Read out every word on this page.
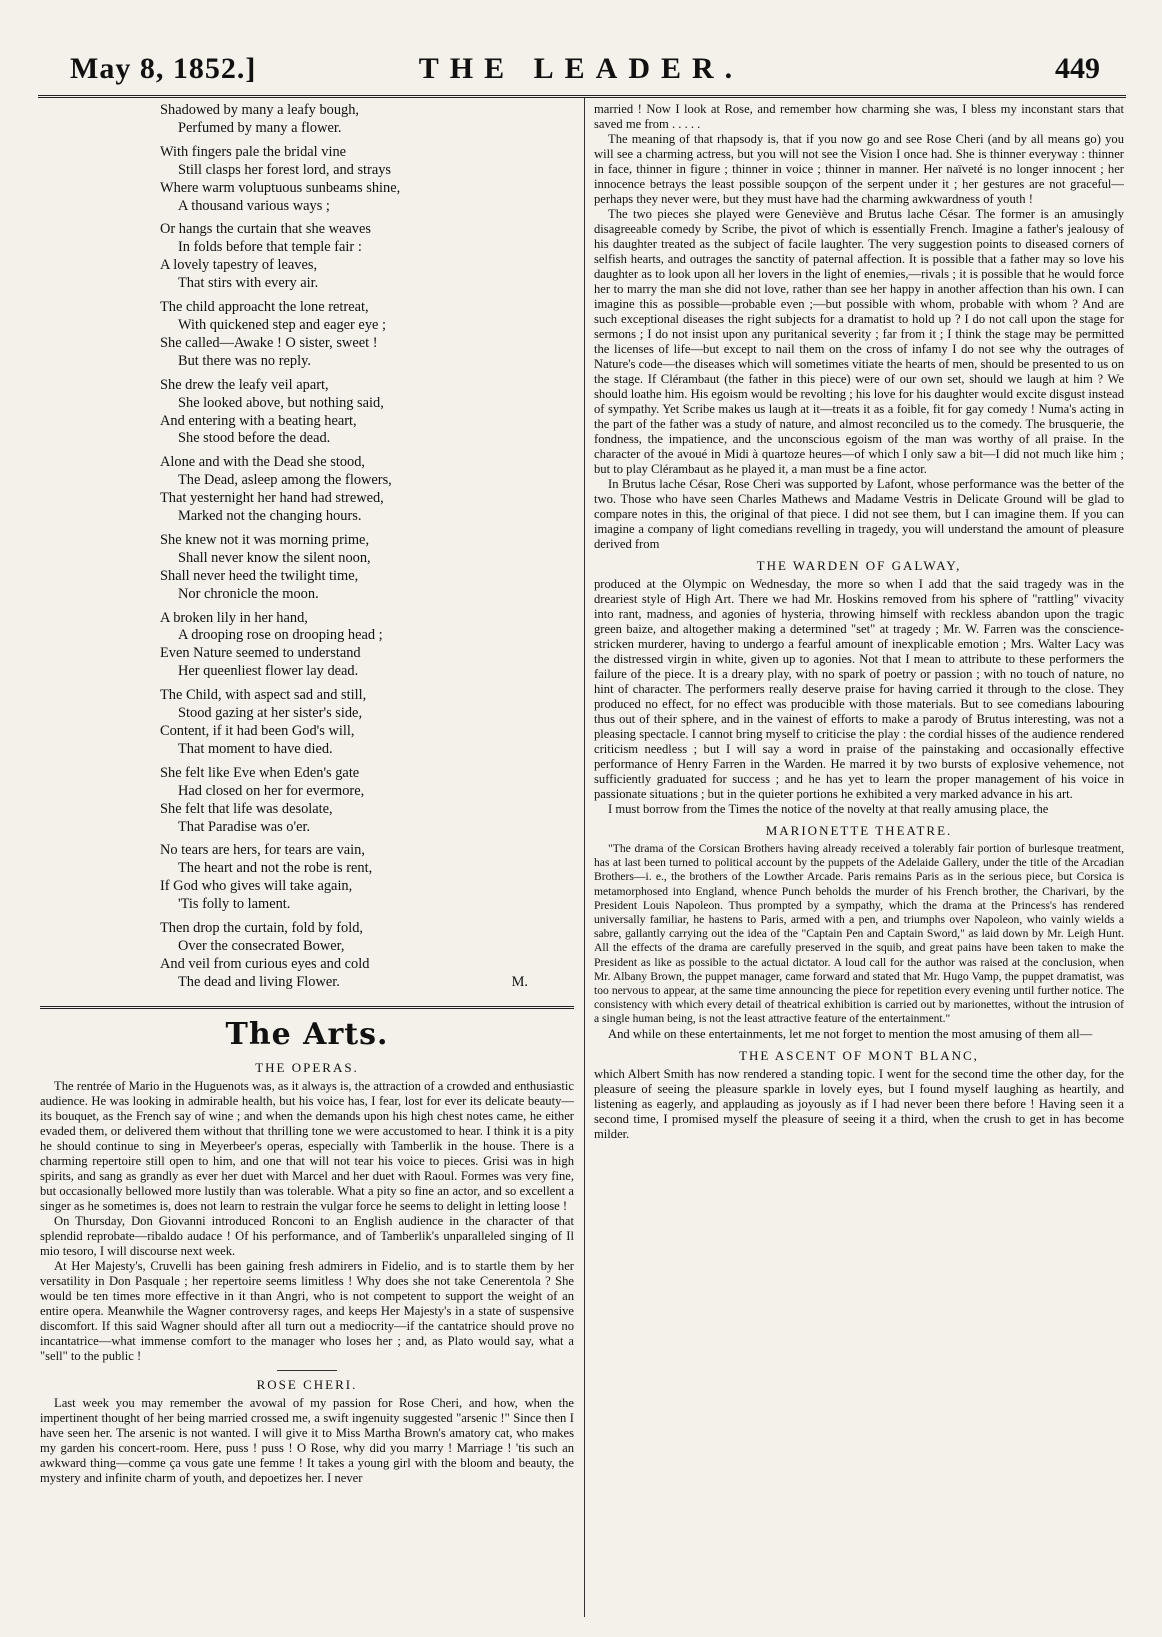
May 8, 1852.]	THE LEADER.	449
Shadowed by many a leafy bough,
Perfumed by many a flower.
With fingers pale the bridal vine
Still clasps her forest lord, and strays
Where warm voluptuous sunbeams shine,
A thousand various ways ;
Or hangs the curtain that she weaves
In folds before that temple fair :
A lovely tapestry of leaves,
That stirs with every air.
The child approacht the lone retreat,
With quickened step and eager eye ;
She called—Awake ! O sister, sweet !
But there was no reply.
She drew the leafy veil apart,
She looked above, but nothing said,
And entering with a beating heart,
She stood before the dead.
Alone and with the Dead she stood,
The Dead, asleep among the flowers,
That yesternight her hand had strewed,
Marked not the changing hours.
She knew not it was morning prime,
Shall never know the silent noon,
Shall never heed the twilight time,
Nor chronicle the moon.
A broken lily in her hand,
A drooping rose on drooping head ;
Even Nature seemed to understand
Her queenliest flower lay dead.
The Child, with aspect sad and still,
Stood gazing at her sister's side,
Content, if it had been God's will,
That moment to have died.
She felt like Eve when Eden's gate
Had closed on her for evermore,
She felt that life was desolate,
That Paradise was o'er.
No tears are hers, for tears are vain,
The heart and not the robe is rent,
If God who gives will take again,
'Tis folly to lament.
Then drop the curtain, fold by fold,
Over the consecrated Bower,
And veil from curious eyes and cold
The dead and living Flower.	M.
The Arts.
THE OPERAS.

The rentrée of Mario in the Huguenots was, as it always is, the attraction of a crowded and enthusiastic audience. He was looking in admirable health, but his voice has, I fear, lost for ever its delicate beauty—its bouquet, as the French say of wine ; and when the demands upon his high chest notes came, he either evaded them, or delivered them without that thrilling tone we were accustomed to hear. I think it is a pity he should continue to sing in Meyerbeer's operas, especially with Tamberlik in the house. There is a charming repertoire still open to him, and one that will not tear his voice to pieces. Grisi was in high spirits, and sang as grandly as ever her duet with Marcel and her duet with Raoul. Formes was very fine, but occasionally bellowed more lustily than was tolerable. What a pity so fine an actor, and so excellent a singer as he sometimes is, does not learn to restrain the vulgar force he seems to delight in letting loose !

On Thursday, Don Giovanni introduced Ronconi to an English audience in the character of that splendid reprobate—ribaldo audace ! Of his performance, and of Tamberlik's unparalleled singing of Il mio tesoro, I will discourse next week.

At Her Majesty's, Cruvelli has been gaining fresh admirers in Fidelio, and is to startle them by her versatility in Don Pasquale ; her repertoire seems limitless ! Why does she not take Cenerentola ? She would be ten times more effective in it than Angri, who is not competent to support the weight of an entire opera. Meanwhile the Wagner controversy rages, and keeps Her Majesty's in a state of suspensive discomfort. If this said Wagner should after all turn out a mediocrity—if the cantatrice should prove no incantatrice—what immense comfort to the manager who loses her ; and, as Plato would say, what a "sell" to the public !

ROSE CHERI.

Last week you may remember the avowal of my passion for Rose Cheri, and how, when the impertinent thought of her being married crossed me, a swift ingenuity suggested "arsenic !" Since then I have seen her. The arsenic is not wanted. I will give it to Miss Martha Brown's amatory cat, who makes my garden his concert-room. Here, puss ! puss ! O Rose, why did you marry ! Marriage ! 'tis such an awkward thing—comme ça vous gate une femme ! It takes a young girl with the bloom and beauty, the mystery and infinite charm of youth, and depoetizes her. I never

married ! Now I look at Rose, and remember how charming she was, I bless my inconstant stars that saved me from . . . . .

The meaning of that rhapsody is, that if you now go and see Rose Cheri (and by all means go) you will see a charming actress, but you will not see the Vision I once had. She is thinner everyway : thinner in face, thinner in figure ; thinner in voice ; thinner in manner. Her naïveté is no longer innocent ; her innocence betrays the least possible soupçon of the serpent under it ; her gestures are not graceful—perhaps they never were, but they must have had the charming awkwardness of youth !

The two pieces she played were Geneviève and Brutus lache César. The former is an amusingly disagreeable comedy by Scribe, the pivot of which is essentially French. Imagine a father's jealousy of his daughter treated as the subject of facile laughter. The very suggestion points to diseased corners of selfish hearts, and outrages the sanctity of paternal affection. It is possible that a father may so love his daughter as to look upon all her lovers in the light of enemies,—rivals ; it is possible that he would force her to marry the man she did not love, rather than see her happy in another affection than his own. I can imagine this as possible—probable even ;—but possible with whom, probable with whom ? And are such exceptional diseases the right subjects for a dramatist to hold up ? I do not call upon the stage for sermons ; I do not insist upon any puritanical severity ; far from it ; I think the stage may be permitted the licenses of life—but except to nail them on the cross of infamy I do not see why the outrages of Nature's code—the diseases which will sometimes vitiate the hearts of men, should be presented to us on the stage. If Clérambaut (the father in this piece) were of our own set, should we laugh at him ? We should loathe him. His egoism would be revolting ; his love for his daughter would excite disgust instead of sympathy. Yet Scribe makes us laugh at it—treats it as a foible, fit for gay comedy ! Numa's acting in the part of the father was a study of nature, and almost reconciled us to the comedy. The brusquerie, the fondness, the impatience, and the unconscious egoism of the man was worthy of all praise. In the character of the avoué in Midi à quartoze heures—of which I only saw a bit—I did not much like him ; but to play Clérambaut as he played it, a man must be a fine actor.

In Brutus lache César, Rose Cheri was supported by Lafont, whose performance was the better of the two. Those who have seen Charles Mathews and Madame Vestris in Delicate Ground will be glad to compare notes in this, the original of that piece. I did not see them, but I can imagine them. If you can imagine a company of light comedians revelling in tragedy, you will understand the amount of pleasure derived from

THE WARDEN OF GALWAY,

produced at the Olympic on Wednesday, the more so when I add that the said tragedy was in the dreariest style of High Art. There we had Mr. Hoskins removed from his sphere of "rattling" vivacity into rant, madness, and agonies of hysteria, throwing himself with reckless abandon upon the tragic green baize, and altogether making a determined "set" at tragedy ; Mr. W. Farren was the conscience-stricken murderer, having to undergo a fearful amount of inexplicable emotion ; Mrs. Walter Lacy was the distressed virgin in white, given up to agonies. Not that I mean to attribute to these performers the failure of the piece. It is a dreary play, with no spark of poetry or passion ; with no touch of nature, no hint of character. The performers really deserve praise for having carried it through to the close. They produced no effect, for no effect was producible with those materials. But to see comedians labouring thus out of their sphere, and in the vainest of efforts to make a parody of Brutus interesting, was not a pleasing spectacle. I cannot bring myself to criticise the play : the cordial hisses of the audience rendered criticism needless ; but I will say a word in praise of the painstaking and occasionally effective performance of Henry Farren in the Warden. He marred it by two bursts of explosive vehemence, not sufficiently graduated for success ; and he has yet to learn the proper management of his voice in passionate situations ; but in the quieter portions he exhibited a very marked advance in his art.

I must borrow from the Times the notice of the novelty at that really amusing place, the

MARIONETTE THEATRE.

"The drama of the Corsican Brothers having already received a tolerably fair portion of burlesque treatment, has at last been turned to political account by the puppets of the Adelaide Gallery, under the title of the Arcadian Brothers—i. e., the brothers of the Lowther Arcade. Paris remains Paris as in the serious piece, but Corsica is metamorphosed into England, whence Punch beholds the murder of his French brother, the Charivari, by the President Louis Napoleon. Thus prompted by a sympathy, which the drama at the Princess's has rendered universally familiar, he hastens to Paris, armed with a pen, and triumphs over Napoleon, who vainly wields a sabre, gallantly carrying out the idea of the "Captain Pen and Captain Sword," as laid down by Mr. Leigh Hunt. All the effects of the drama are carefully preserved in the squib, and great pains have been taken to make the President as like as possible to the actual dictator. A loud call for the author was raised at the conclusion, when Mr. Albany Brown, the puppet manager, came forward and stated that Mr. Hugo Vamp, the puppet dramatist, was too nervous to appear, at the same time announcing the piece for repetition every evening until further notice. The consistency with which every detail of theatrical exhibition is carried out by marionettes, without the intrusion of a single human being, is not the least attractive feature of the entertainment."

And while on these entertainments, let me not forget to mention the most amusing of them all—

THE ASCENT OF MONT BLANC,

which Albert Smith has now rendered a standing topic. I went for the second time the other day, for the pleasure of seeing the pleasure sparkle in lovely eyes, but I found myself laughing as heartily, and listening as eagerly, and applauding as joyously as if I had never been there before ! Having seen it a second time, I promised myself the pleasure of seeing it a third, when the crush to get in has become milder.
